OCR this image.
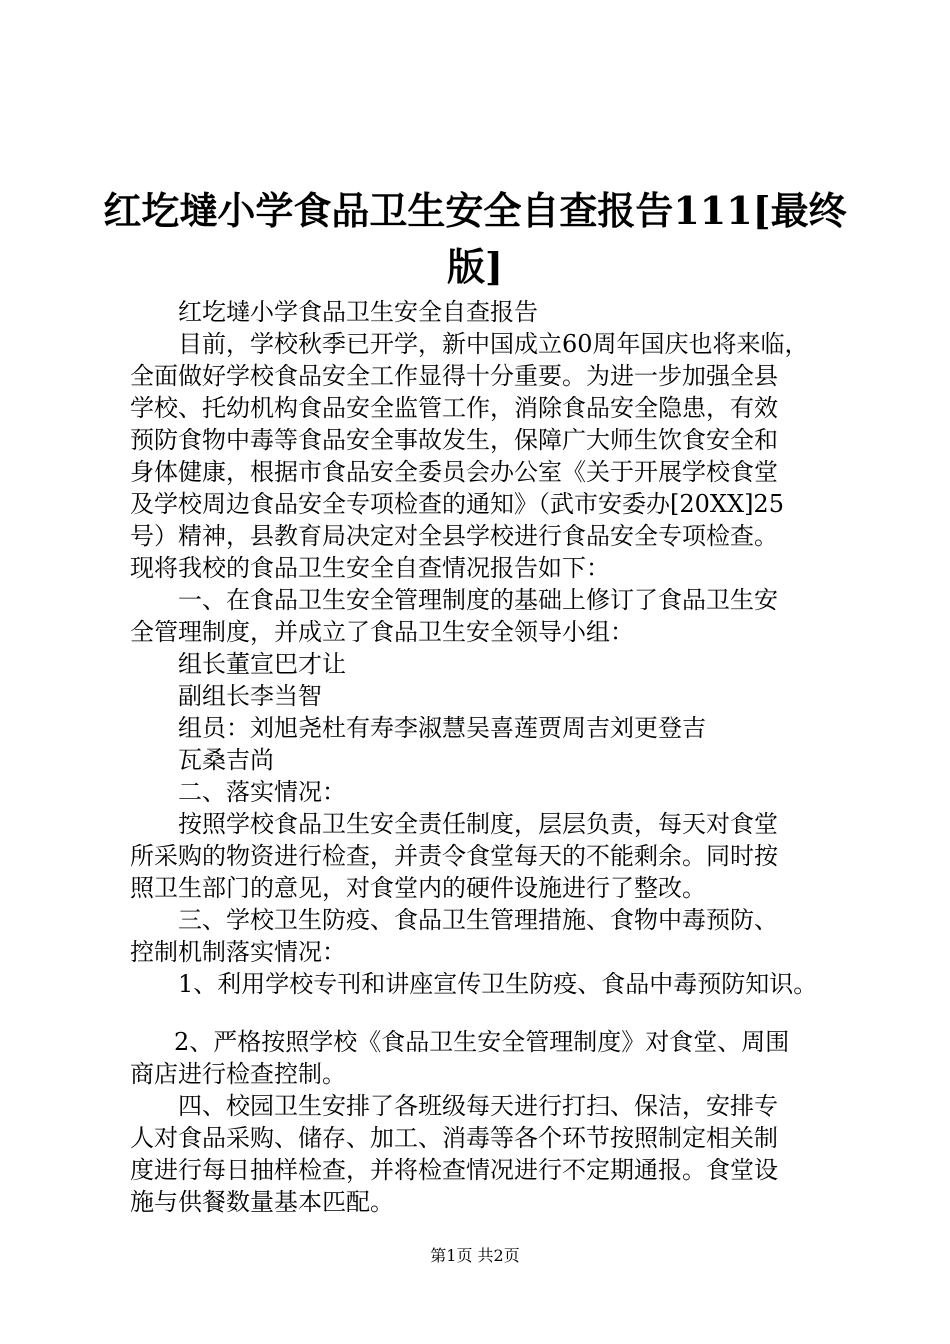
红圪墶小学食品卫生安全自查报告111[最终
版]

红圪墶小学食品卫生安全自查报告

目前，学校秋季已开学，新中国成立60周年国庆也将来临，

全面做好学校食品安全工作显得十分重要。为进一步加强全县

学校、托幼机构食品安全监管工作，消除食品安全隐患，有效

预防食物中毒等食品安全事故发生，保障广大师生饮食安全和

身体健康，根据市食品安全委员会办公室《关于开展学校食堂

及学校周边食品安全专项检查的通知》（武市安委办[20XX]25

号）精神，县教育局决定对全县学校进行食品安全专项检查。

现将我校的食品卫生安全自查情况报告如下：

一、在食品卫生安全管理制度的基础上修订了食品卫生安

全管理制度，并成立了食品卫生安全领导小组：

组长董宣巴才让

副组长李当智

组员：刘旭尧杜有寿李淑慧吴喜莲贾周吉刘更登吉

瓦桑吉尚

二、落实情况：

按照学校食品卫生安全责任制度，层层负责，每天对食堂

所采购的物资进行检查，并责令食堂每天的不能剩余。同时按

照卫生部门的意见，对食堂内的硬件设施进行了整改。

三、学校卫生防疫、食品卫生管理措施、食物中毒预防、

控制机制落实情况：

1、利用学校专刊和讲座宣传卫生防疫、食品中毒预防知识。

2、严格按照学校《食品卫生安全管理制度》对食堂、周围

商店进行检查控制。

四、校园卫生安排了各班级每天进行打扫、保洁，安排专

人对食品采购、储存、加工、消毒等各个环节按照制定相关制

度进行每日抽样检查，并将检查情况进行不定期通报。食堂设

施与供餐数量基本匹配。

第1页 共2页
